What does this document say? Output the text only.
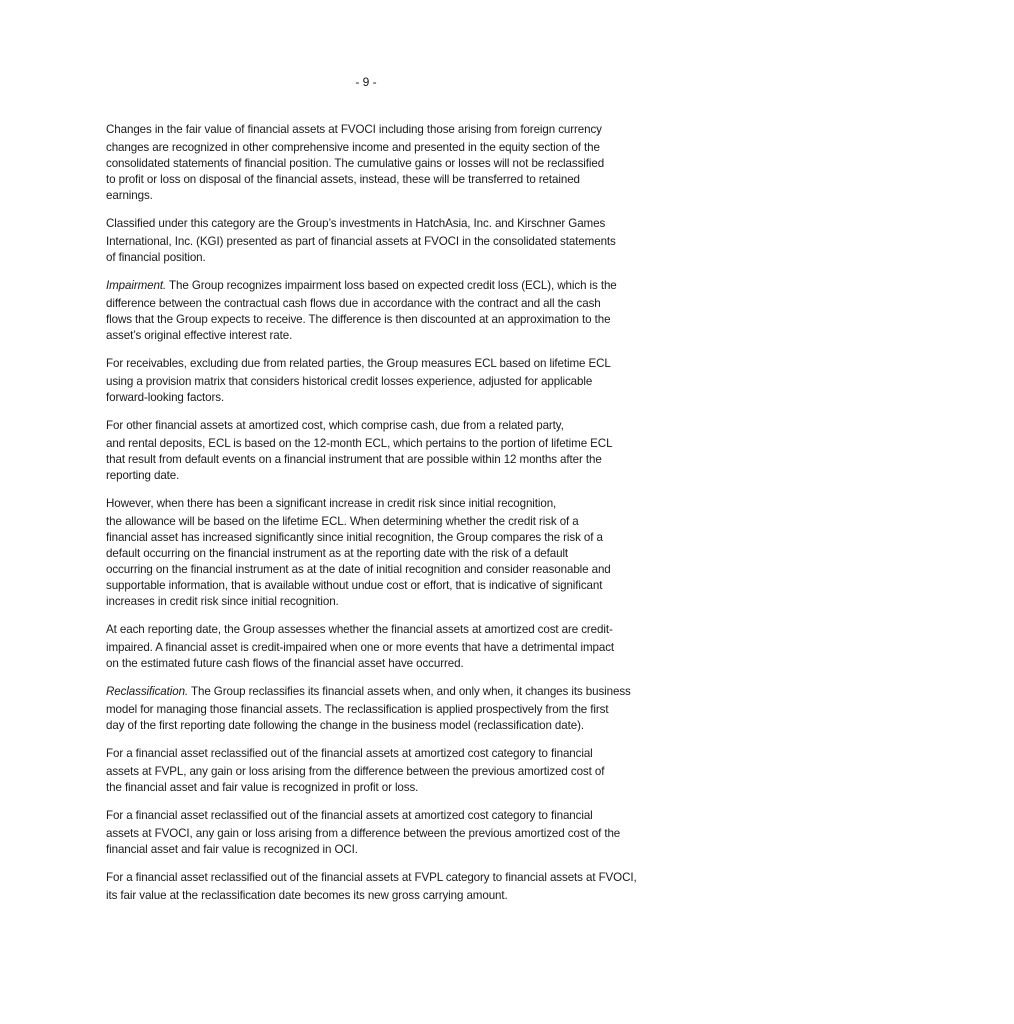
- 9 -

Changes in the fair value of financial assets at FVOCI including those arising from foreign currency
changes are recognized in other comprehensive income and presented in the equity section of the
consolidated statements of financial position. The cumulative gains or losses will not be reclassified
to profit or loss on disposal of the financial assets, instead, these will be transferred to retained
earnings.

Classified under this category are the Group’s investments in HatchAsia, Inc. and Kirschner Games
International, Inc. (KGI) presented as part of financial assets at FVOCI in the consolidated statements
of financial position.

Impairment. The Group recognizes impairment loss based on expected credit loss (ECL), which is the
difference between the contractual cash flows due in accordance with the contract and all the cash
flows that the Group expects to receive. The difference is then discounted at an approximation to the
asset’s original effective interest rate.

For receivables, excluding due from related parties, the Group measures ECL based on lifetime ECL
using a provision matrix that considers historical credit losses experience, adjusted for applicable
forward-looking factors.

For other financial assets at amortized cost, which comprise cash, due from a related party,
and rental deposits, ECL is based on the 12-month ECL, which pertains to the portion of lifetime ECL
that result from default events on a financial instrument that are possible within 12 months after the
reporting date.

However, when there has been a significant increase in credit risk since initial recognition,
the allowance will be based on the lifetime ECL. When determining whether the credit risk of a
financial asset has increased significantly since initial recognition, the Group compares the risk of a
default occurring on the financial instrument as at the reporting date with the risk of a default
occurring on the financial instrument as at the date of initial recognition and consider reasonable and
supportable information, that is available without undue cost or effort, that is indicative of significant
increases in credit risk since initial recognition.

At each reporting date, the Group assesses whether the financial assets at amortized cost are credit-
impaired. A financial asset is credit-impaired when one or more events that have a detrimental impact
on the estimated future cash flows of the financial asset have occurred.

Reclassification. The Group reclassifies its financial assets when, and only when, it changes its business
model for managing those financial assets. The reclassification is applied prospectively from the first
day of the first reporting date following the change in the business model (reclassification date).

For a financial asset reclassified out of the financial assets at amortized cost category to financial
assets at FVPL, any gain or loss arising from the difference between the previous amortized cost of
the financial asset and fair value is recognized in profit or loss.

For a financial asset reclassified out of the financial assets at amortized cost category to financial
assets at FVOCI, any gain or loss arising from a difference between the previous amortized cost of the
financial asset and fair value is recognized in OCI.

For a financial asset reclassified out of the financial assets at FVPL category to financial assets at FVOCI,
its fair value at the reclassification date becomes its new gross carrying amount.
